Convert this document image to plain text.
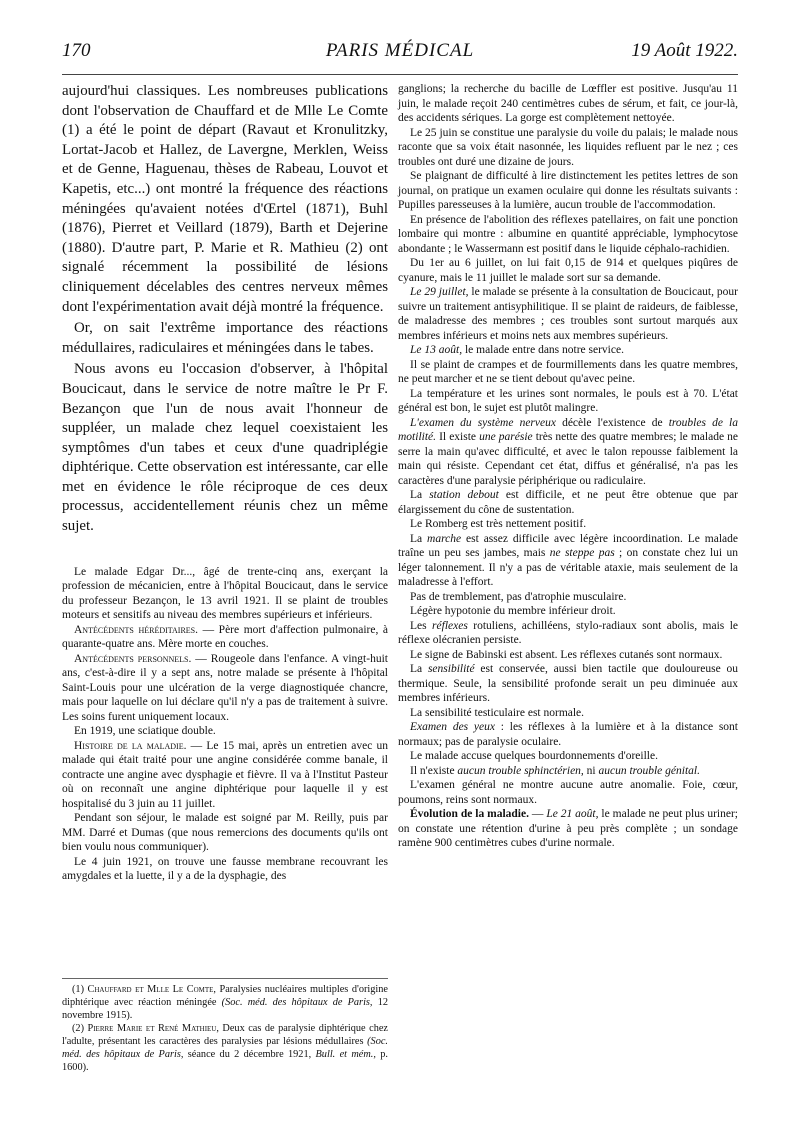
170	PARIS MÉDICAL	19 Août 1922.

aujourd'hui classiques. Les nombreuses publications dont l'observation de Chauffard et de Mlle Le Comte (1) a été le point de départ (Ravaut et Kronulitzky, Lortat-Jacob et Hallez, de Lavergne, Merklen, Weiss et de Genne, Haguenau, thèses de Rabeau, Louvot et Kapetis, etc...) ont montré la fréquence des réactions méningées qu'avaient notées d'Œrtel (1871), Buhl (1876), Pierret et Veillard (1879), Barth et Dejerine (1880). D'autre part, P. Marie et R. Mathieu (2) ont signalé récemment la possibilité de lésions cliniquement décelables des centres nerveux mêmes dont l'expérimentation avait déjà montré la fréquence.

Or, on sait l'extrême importance des réactions médullaires, radiculaires et méningées dans le tabes.

Nous avons eu l'occasion d'observer, à l'hôpital Boucicaut, dans le service de notre maître le Pr F. Bezançon que l'un de nous avait l'honneur de suppléer, un malade chez lequel coexistaient les symptômes d'un tabes et ceux d'une quadriplégie diphtérique. Cette observation est intéressante, car elle met en évidence le rôle réciproque de ces deux processus, accidentellement réunis chez un même sujet.

Le malade Edgar Dr..., âgé de trente-cinq ans, exerçant la profession de mécanicien, entre à l'hôpital Boucicaut, dans le service du professeur Bezançon, le 13 avril 1921. Il se plaint de troubles moteurs et sensitifs au niveau des membres supérieurs et inférieurs.

Antécédents héréditaires. — Père mort d'affection pulmonaire, à quarante-quatre ans. Mère morte en couches.

Antécédents personnels. — Rougeole dans l'enfance. A vingt-huit ans, c'est-à-dire il y a sept ans, notre malade se présente à l'hôpital Saint-Louis pour une ulcération de la verge diagnostiquée chancre, mais pour laquelle on lui déclare qu'il n'y a pas de traitement à suivre. Les soins furent uniquement locaux.

En 1919, une sciatique double.

Histoire de la maladie. — Le 15 mai, après un entretien avec un malade qui était traité pour une angine considérée comme banale, il contracte une angine avec dysphagie et fièvre. Il va à l'Institut Pasteur où on reconnaît une angine diphtérique pour laquelle il y est hospitalisé du 3 juin au 11 juillet.

Pendant son séjour, le malade est soigné par M. Reilly, puis par MM. Darré et Dumas (que nous remercions des documents qu'ils ont bien voulu nous communiquer).

Le 4 juin 1921, on trouve une fausse membrane recouvrant les amygdales et la luette, il y a de la dysphagie, des

(1) Chauffard et Mlle Le Comte, Paralysies nucléaires multiples d'origine diphtérique avec réaction méningée (Soc. méd. des hôpitaux de Paris, 12 novembre 1915).

(2) Pierre Marie et René Mathieu, Deux cas de paralysie diphtérique chez l'adulte, présentant les caractères des paralysies par lésions médullaires (Soc. méd. des hôpitaux de Paris, séance du 2 décembre 1921, Bull. et mém., p. 1600).

ganglions; la recherche du bacille de Lœffler est positive. Jusqu'au 11 juin, le malade reçoit 240 centimètres cubes de sérum, et fait, ce jour-là, des accidents sériques. La gorge est complètement nettoyée.

Le 25 juin se constitue une paralysie du voile du palais; le malade nous raconte que sa voix était nasonnée, les liquides refluent par le nez ; ces troubles ont duré une dizaine de jours.

Se plaignant de difficulté à lire distinctement les petites lettres de son journal, on pratique un examen oculaire qui donne les résultats suivants : Pupilles paresseuses à la lumière, aucun trouble de l'accommodation.

En présence de l'abolition des réflexes patellaires, on fait une ponction lombaire qui montre : albumine en quantité appréciable, lymphocytose abondante ; le Wassermann est positif dans le liquide céphalo-rachidien.

Du 1er au 6 juillet, on lui fait 0,15 de 914 et quelques piqûres de cyanure, mais le 11 juillet le malade sort sur sa demande.

Le 29 juillet, le malade se présente à la consultation de Boucicaut, pour suivre un traitement antisyphilitique. Il se plaint de raideurs, de faiblesse, de maladresse des membres ; ces troubles sont surtout marqués aux membres inférieurs et moins nets aux membres supérieurs.

Le 13 août, le malade entre dans notre service.

Il se plaint de crampes et de fourmillements dans les quatre membres, ne peut marcher et ne se tient debout qu'avec peine.

La température et les urines sont normales, le pouls est à 70. L'état général est bon, le sujet est plutôt malingre.

L'examen du système nerveux décèle l'existence de troubles de la motilité. Il existe une parésie très nette des quatre membres; le malade ne serre la main qu'avec difficulté, et avec le talon repousse faiblement la main qui résiste. Cependant cet état, diffus et généralisé, n'a pas les caractères d'une paralysie périphérique ou radiculaire.

La station debout est difficile, et ne peut être obtenue que par élargissement du cône de sustentation.

Le Romberg est très nettement positif.

La marche est assez difficile avec légère incoordination. Le malade traîne un peu ses jambes, mais ne steppe pas ; on constate chez lui un léger talonnement. Il n'y a pas de véritable ataxie, mais seulement de la maladresse à l'effort.

Pas de tremblement, pas d'atrophie musculaire.

Légère hypotonie du membre inférieur droit.

Les réflexes rotuliens, achilléens, stylo-radiaux sont abolis, mais le réflexe olécranien persiste.

Le signe de Babinski est absent. Les réflexes cutanés sont normaux.

La sensibilité est conservée, aussi bien tactile que douloureuse ou thermique. Seule, la sensibilité profonde serait un peu diminuée aux membres inférieurs.

La sensibilité testiculaire est normale.

Examen des yeux : les réflexes à la lumière et à la distance sont normaux; pas de paralysie oculaire.

Le malade accuse quelques bourdonnements d'oreille.

Il n'existe aucun trouble sphinctérien, ni aucun trouble génital.

L'examen général ne montre aucune autre anomalie. Foie, cœur, poumons, reins sont normaux.

Évolution de la maladie. — Le 21 août, le malade ne peut plus uriner; on constate une rétention d'urine à peu près complète ; un sondage ramène 900 centimètres cubes d'urine normale.
